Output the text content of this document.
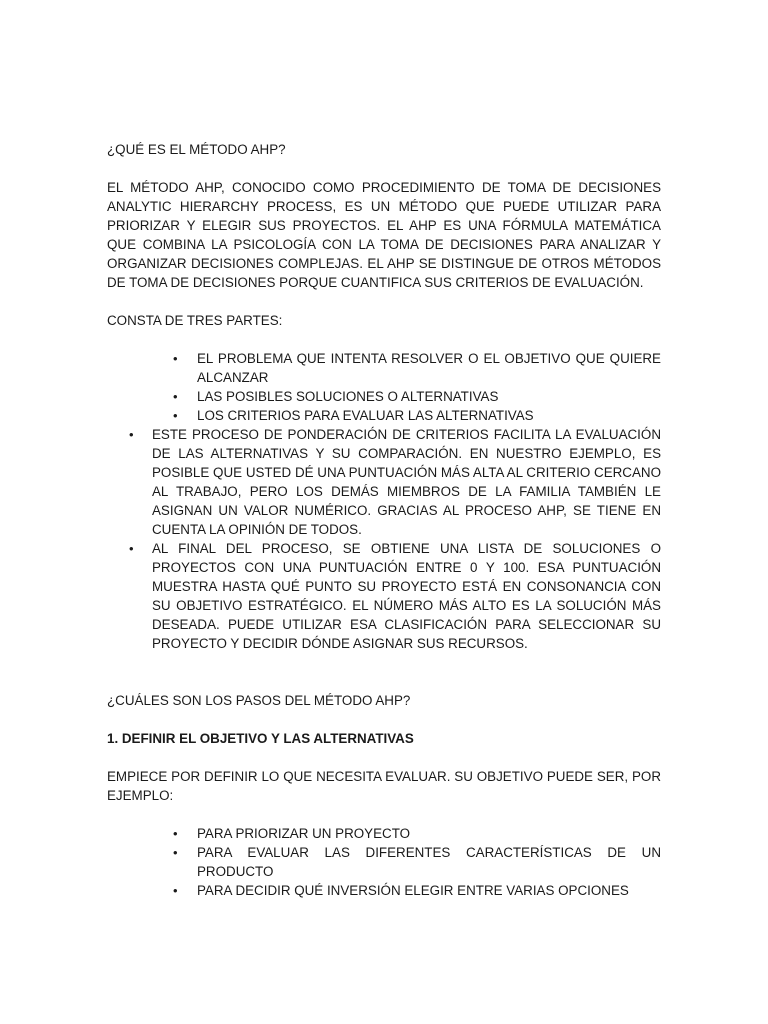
¿QUÉ ES EL MÉTODO AHP?

EL MÉTODO AHP, CONOCIDO COMO PROCEDIMIENTO DE TOMA DE DECISIONES ANALYTIC HIERARCHY PROCESS, ES UN MÉTODO QUE PUEDE UTILIZAR PARA PRIORIZAR Y ELEGIR SUS PROYECTOS. EL AHP ES UNA FÓRMULA MATEMÁTICA QUE COMBINA LA PSICOLOGÍA CON LA TOMA DE DECISIONES PARA ANALIZAR Y ORGANIZAR DECISIONES COMPLEJAS. EL AHP SE DISTINGUE DE OTROS MÉTODOS DE TOMA DE DECISIONES PORQUE CUANTIFICA SUS CRITERIOS DE EVALUACIÓN.

CONSTA DE TRES PARTES:

• EL PROBLEMA QUE INTENTA RESOLVER O EL OBJETIVO QUE QUIERE ALCANZAR
• LAS POSIBLES SOLUCIONES O ALTERNATIVAS
• LOS CRITERIOS PARA EVALUAR LAS ALTERNATIVAS
• ESTE PROCESO DE PONDERACIÓN DE CRITERIOS FACILITA LA EVALUACIÓN DE LAS ALTERNATIVAS Y SU COMPARACIÓN. EN NUESTRO EJEMPLO, ES POSIBLE QUE USTED DÉ UNA PUNTUACIÓN MÁS ALTA AL CRITERIO CERCANO AL TRABAJO, PERO LOS DEMÁS MIEMBROS DE LA FAMILIA TAMBIÉN LE ASIGNAN UN VALOR NUMÉRICO. GRACIAS AL PROCESO AHP, SE TIENE EN CUENTA LA OPINIÓN DE TODOS.
• AL FINAL DEL PROCESO, SE OBTIENE UNA LISTA DE SOLUCIONES O PROYECTOS CON UNA PUNTUACIÓN ENTRE 0 Y 100. ESA PUNTUACIÓN MUESTRA HASTA QUÉ PUNTO SU PROYECTO ESTÁ EN CONSONANCIA CON SU OBJETIVO ESTRATÉGICO. EL NÚMERO MÁS ALTO ES LA SOLUCIÓN MÁS DESEADA. PUEDE UTILIZAR ESA CLASIFICACIÓN PARA SELECCIONAR SU PROYECTO Y DECIDIR DÓNDE ASIGNAR SUS RECURSOS.

¿CUÁLES SON LOS PASOS DEL MÉTODO AHP?

1. DEFINIR EL OBJETIVO Y LAS ALTERNATIVAS

EMPIECE POR DEFINIR LO QUE NECESITA EVALUAR. SU OBJETIVO PUEDE SER, POR EJEMPLO:

• PARA PRIORIZAR UN PROYECTO
• PARA EVALUAR LAS DIFERENTES CARACTERÍSTICAS DE UN PRODUCTO
• PARA DECIDIR QUÉ INVERSIÓN ELEGIR ENTRE VARIAS OPCIONES
